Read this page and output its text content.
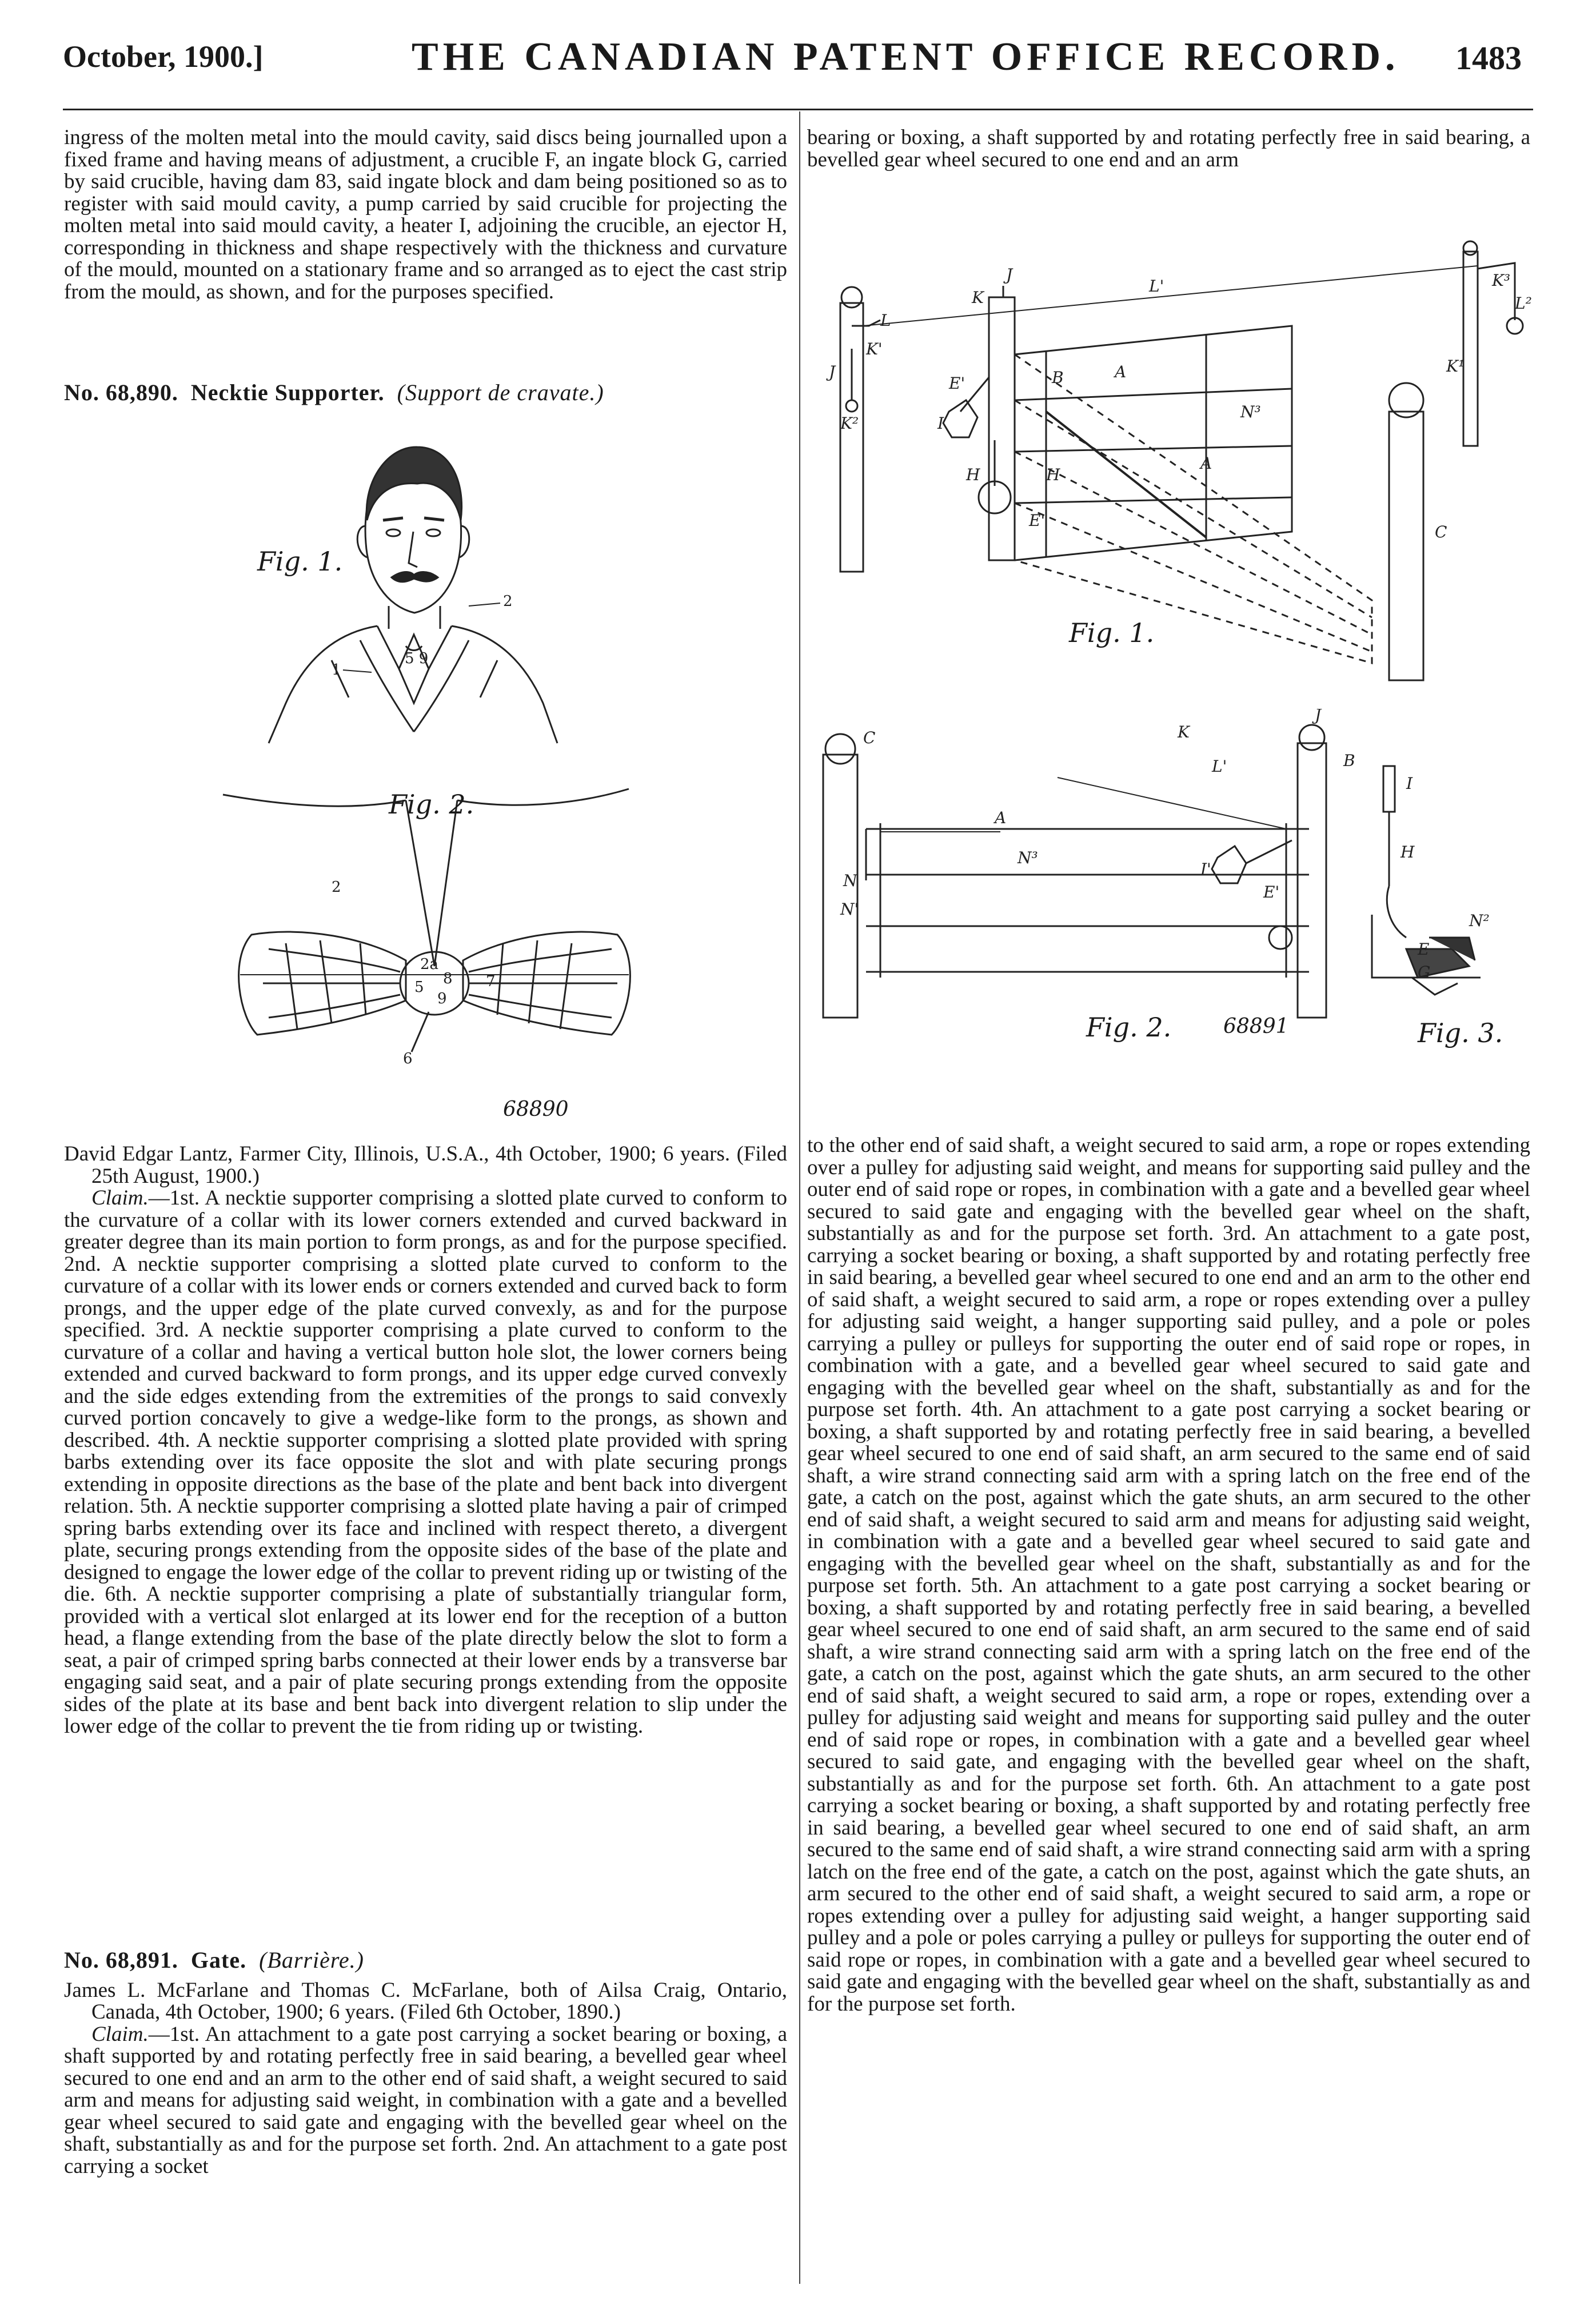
October, 1900.]	THE CANADIAN PATENT OFFICE RECORD. 1483

ingress of the molten metal into the mould cavity, said discs being journalled upon a fixed frame and having means of adjustment, a crucible F, an ingate block G, carried by said crucible, having dam 83, said ingate block and dam being positioned so as to register with said mould cavity, a pump carried by said crucible for projecting the molten metal into said mould cavity, a heater I, adjoining the crucible, an ejector H, corresponding in thickness and shape respectively with the thickness and curvature of the mould, mounted on a stationary frame and so arranged as to eject the cast strip from the mould, as shown, and for the purposes specified.

No. 68,890. Necktie Supporter. (Support de cravate.)

1
2
5 9
Fig. 1.
2
2a
5 8
9
7
6
Fig. 2.
68890

David Edgar Lantz, Farmer City, Illinois, U.S.A., 4th October, 1900; 6 years. (Filed 25th August, 1900.)

Claim.—1st. A necktie supporter comprising a slotted plate curved to conform to the curvature of a collar with its lower corners extended and curved backward in greater degree than its main portion to form prongs, as and for the purpose specified. 2nd. A necktie supporter comprising a slotted plate curved to conform to the curvature of a collar with its lower ends or corners extended and curved back to form prongs, and the upper edge of the plate curved convexly, as and for the purpose specified. 3rd. A necktie supporter comprising a plate curved to conform to the curvature of a collar and having a vertical button hole slot, the lower corners being extended and curved backward to form prongs, and its upper edge curved convexly and the side edges extending from the extremities of the prongs to said convexly curved portion concavely to give a wedge-like form to the prongs, as shown and described. 4th. A necktie supporter comprising a slotted plate provided with spring barbs extending over its face opposite the slot and with plate securing prongs extending in opposite directions as the base of the plate and bent back into divergent relation. 5th. A necktie supporter comprising a slotted plate having a pair of crimped spring barbs extending over its face and inclined with respect thereto, a divergent plate, securing prongs extending from the opposite sides of the base of the plate and designed to engage the lower edge of the collar to prevent riding up or twisting of the die. 6th. A necktie supporter comprising a plate of substantially triangular form, provided with a vertical slot enlarged at its lower end for the reception of a button head, a flange extending from the base of the plate directly below the slot to form a seat, a pair of crimped spring barbs connected at their lower ends by a transverse bar engaging said seat, and a pair of plate securing prongs extending from the opposite sides of the plate at its base and bent back into divergent relation to slip under the lower edge of the collar to prevent the tie from riding up or twisting.

No. 68,891. Gate. (Barrière.)

James L. McFarlane and Thomas C. McFarlane, both of Ailsa Craig, Ontario, Canada, 4th October, 1900; 6 years. (Filed 6th October, 1890.)

Claim.—1st. An attachment to a gate post carrying a socket bearing or boxing, a shaft supported by and rotating perfectly free in said bearing, a bevelled gear wheel secured to one end and an arm to the other end of said shaft, a weight secured to said arm and means for adjusting said weight, in combination with a gate and a bevelled gear wheel secured to said gate and engaging with the bevelled gear wheel on the shaft, substantially as and for the purpose set forth. 2nd. An attachment to a gate post carrying a socket

bearing or boxing, a shaft supported by and rotating perfectly free in said bearing, a bevelled gear wheel secured to one end and an arm

L
K'
J
K²
J
K
L'	K³
L²
K¹
I
E'	B	A
N³
A
C
H	H
E'
Fig. 1.
C
A
N³
N
N'
K
J
B
L'
I'
E'
I
H
N²
E
G
Fig. 2.	68891	Fig. 3.

to the other end of said shaft, a weight secured to said arm, a rope or ropes extending over a pulley for adjusting said weight, and means for supporting said pulley and the outer end of said rope or ropes, in combination with a gate and a bevelled gear wheel secured to said gate and engaging with the bevelled gear wheel on the shaft, substantially as and for the purpose set forth. 3rd. An attachment to a gate post, carrying a socket bearing or boxing, a shaft supported by and rotating perfectly free in said bearing, a bevelled gear wheel secured to one end and an arm to the other end of said shaft, a weight secured to said arm, a rope or ropes extending over a pulley for adjusting said weight, a hanger supporting said pulley, and a pole or poles carrying a pulley or pulleys for supporting the outer end of said rope or ropes, in combination with a gate, and a bevelled gear wheel secured to said gate and engaging with the bevelled gear wheel on the shaft, substantially as and for the purpose set forth. 4th. An attachment to a gate post carrying a socket bearing or boxing, a shaft supported by and rotating perfectly free in said bearing, a bevelled gear wheel secured to one end of said shaft, an arm secured to the same end of said shaft, a wire strand connecting said arm with a spring latch on the free end of the gate, a catch on the post, against which the gate shuts, an arm secured to the other end of said shaft, a weight secured to said arm and means for adjusting said weight, in combination with a gate and a bevelled gear wheel secured to said gate and engaging with the bevelled gear wheel on the shaft, substantially as and for the purpose set forth. 5th. An attachment to a gate post carrying a socket bearing or boxing, a shaft supported by and rotating perfectly free in said bearing, a bevelled gear wheel secured to one end of said shaft, an arm secured to the same end of said shaft, a wire strand connecting said arm with a spring latch on the free end of the gate, a catch on the post, against which the gate shuts, an arm secured to the other end of said shaft, a weight secured to said arm, a rope or ropes, extending over a pulley for adjusting said weight and means for supporting said pulley and the outer end of said rope or ropes, in combination with a gate and a bevelled gear wheel secured to said gate, and engaging with the bevelled gear wheel on the shaft, substantially as and for the purpose set forth. 6th. An attachment to a gate post carrying a socket bearing or boxing, a shaft supported by and rotating perfectly free in said bearing, a bevelled gear wheel secured to one end of said shaft, an arm secured to the same end of said shaft, a wire strand connecting said arm with a spring latch on the free end of the gate, a catch on the post, against which the gate shuts, an arm secured to the other end of said shaft, a weight secured to said arm, a rope or ropes extending over a pulley for adjusting said weight, a hanger supporting said pulley and a pole or poles carrying a pulley or pulleys for supporting the outer end of said rope or ropes, in combination with a gate and a bevelled gear wheel secured to said gate and engaging with the bevelled gear wheel on the shaft, substantially as and for the purpose set forth.
